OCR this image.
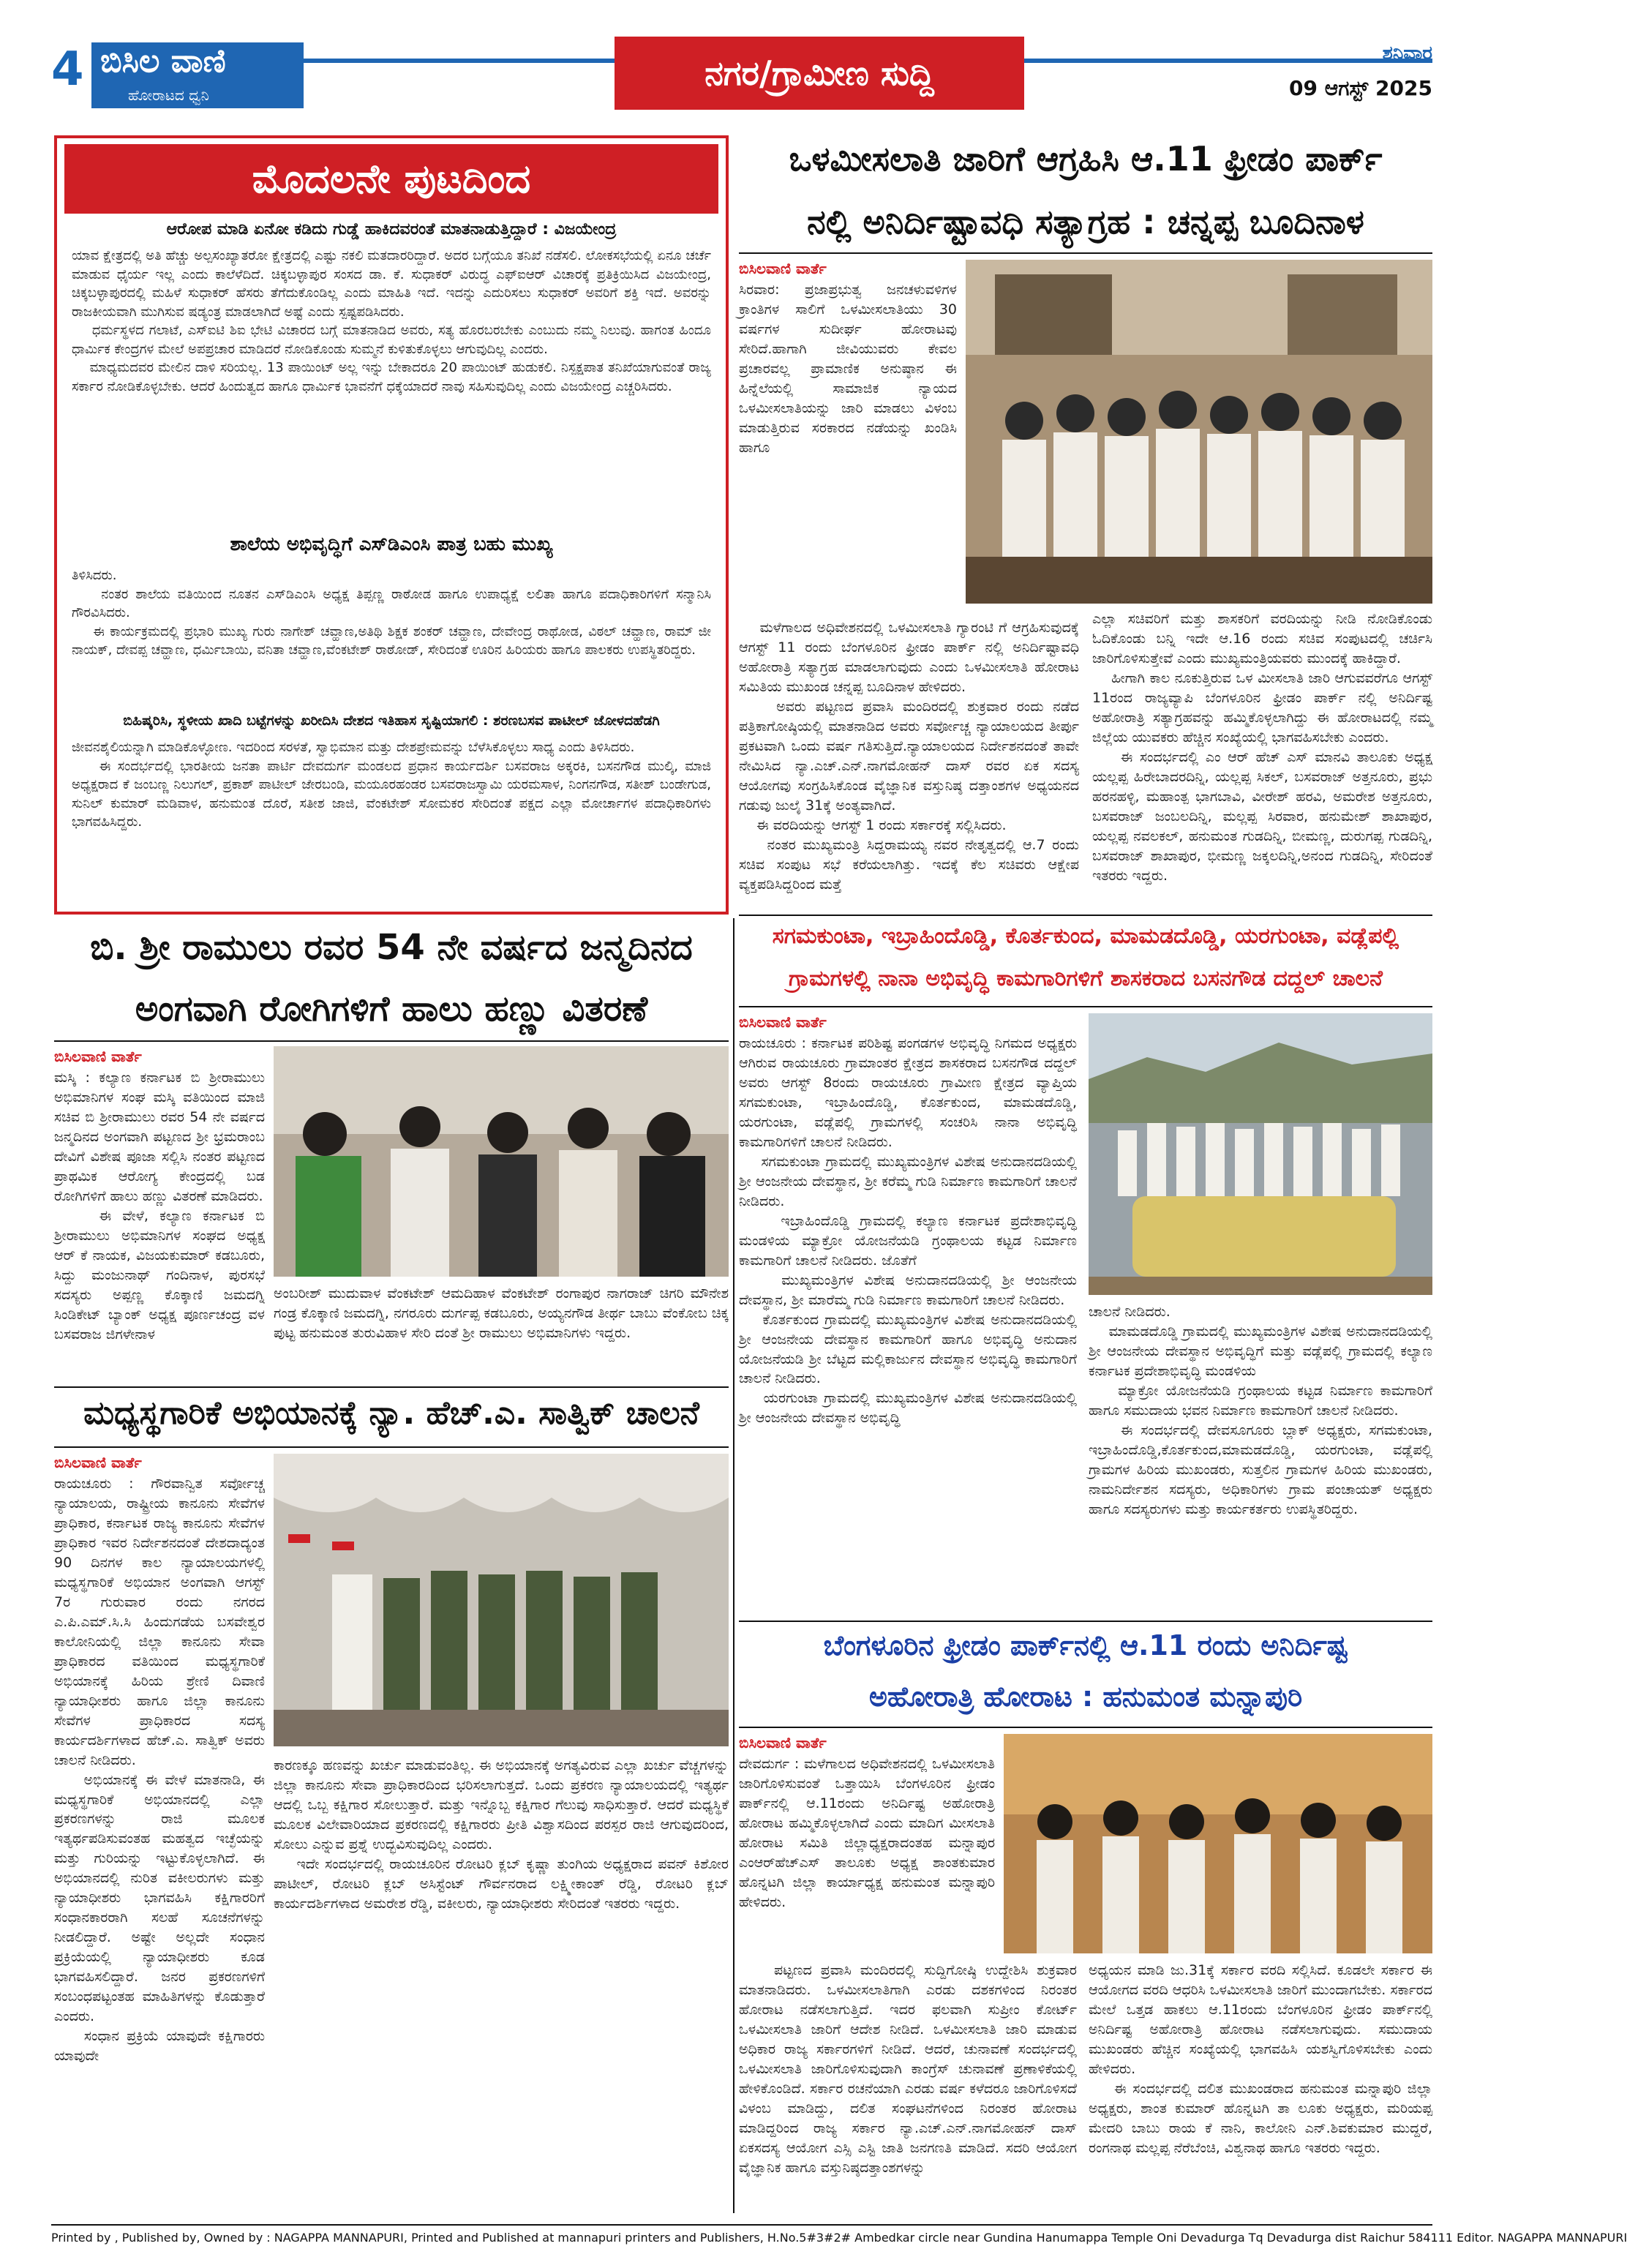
4 ಬಿಸಿಲ ವಾಣಿ
ಹೋರಾಟದ ಧ್ವನಿ
ನಗರ/ಗ್ರಾಮೀಣ ಸುದ್ದಿ	ಶನಿವಾರ
09 ಆಗಸ್ಟ್ 2025
ಮೊದಲನೇ ಪುಟದಿಂದ
ಆರೋಪ ಮಾಡಿ ಏನೋ ಕಡಿದು ಗುಡ್ಡೆ ಹಾಕಿದವರಂತೆ ಮಾತನಾಡುತ್ತಿದ್ದಾರೆ : ವಿಜಯೇಂದ್ರ
ಯಾವ ಕ್ಷೇತ್ರದಲ್ಲಿ ಅತಿ ಹೆಚ್ಚು ಅಲ್ಪಸಂಖ್ಯಾತರೋ ಕ್ಷೇತ್ರದಲ್ಲಿ ಎಷ್ಟು ನಕಲಿ ಮತದಾರರಿದ್ದಾರೆ. ಅದರ ಬಗ್ಗೆಯೂ ತನಿಖೆ ನಡೆಸಲಿ. ಲೋಕಸಭೆಯಲ್ಲಿ ಏನೂ ಚರ್ಚೆ ಮಾಡುವ ಧೈರ್ಯ ಇಲ್ಲ ಎಂದು ಕಾಲೆಳೆದಿದೆ. ಚಿಕ್ಕಬಳ್ಳಾಪುರ ಸಂಸದ ಡಾ. ಕೆ. ಸುಧಾಕರ್ ವಿರುದ್ಧ ಎಫ್‌ಐಆರ್ ವಿಚಾರಕ್ಕೆ ಪ್ರತಿಕ್ರಿಯಿಸಿದ ವಿಜಯೇಂದ್ರ, ಚಿಕ್ಕಬಳ್ಳಾಪುರದಲ್ಲಿ ಮಹಿಳೆ ಸುಧಾಕರ್ ಹೆಸರು ತೆಗೆದುಕೊಂಡಿಲ್ಲ ಎಂದು ಮಾಹಿತಿ ಇದೆ. ಇದನ್ನು ಎದುರಿಸಲು ಸುಧಾಕರ್ ಅವರಿಗೆ ಶಕ್ತಿ ಇದೆ. ಅವರನ್ನು ರಾಜಕೀಯವಾಗಿ ಮುಗಿಸುವ ಷಡ್ಯಂತ್ರ ಮಾಡಲಾಗಿದೆ ಅಷ್ಟೆ ಎಂದು ಸ್ಪಷ್ಟಪಡಿಸಿದರು.
ಧರ್ಮಸ್ಥಳದ ಗಲಾಟೆ, ಎಸ್‌ಐಟಿ ಶಿಐ ಭೇಟಿ ವಿಚಾರದ ಬಗ್ಗೆ ಮಾತನಾಡಿದ ಅವರು, ಸತ್ಯ ಹೊರಬರಬೇಕು ಎಂಬುದು ನಮ್ಮ ನಿಲುವು. ಹಾಗಂತ ಹಿಂದೂ ಧಾರ್ಮಿಕ ಕೇಂದ್ರಗಳ ಮೇಲೆ ಅಪಪ್ರಚಾರ ಮಾಡಿದರೆ ನೋಡಿಕೊಂಡು ಸುಮ್ಮನೆ ಕುಳಿತುಕೊಳ್ಳಲು ಆಗುವುದಿಲ್ಲ ಎಂದರು.
ಮಾಧ್ಯಮದವರ ಮೇಲಿನ ದಾಳಿ ಸರಿಯಲ್ಲ. 13 ಪಾಯಿಂಟ್ ಅಲ್ಲ ಇನ್ನು ಬೇಕಾದರೂ 20 ಪಾಯಿಂಟ್ ಹುಡುಕಲಿ. ನಿಸ್ಪಕ್ಷಪಾತ ತನಿಖೆಯಾಗುವಂತೆ ರಾಜ್ಯ ಸರ್ಕಾರ ನೋಡಿಕೊಳ್ಳಬೇಕು. ಆದರೆ ಹಿಂದುತ್ವದ ಹಾಗೂ ಧಾರ್ಮಿಕ ಭಾವನೆಗೆ ಧಕ್ಕೆಯಾದರೆ ನಾವು ಸಹಿಸುವುದಿಲ್ಲ ಎಂದು ವಿಜಯೇಂದ್ರ ಎಚ್ಚರಿಸಿದರು.
ಶಾಲೆಯ ಅಭಿವೃದ್ಧಿಗೆ ಎಸ್‌ಡಿಎಂಸಿ ಪಾತ್ರ ಬಹು ಮುಖ್ಯ
ತಿಳಿಸಿದರು.
ನಂತರ ಶಾಲೆಯ ವತಿಯಿಂದ ನೂತನ ಎಸ್‌ಡಿಎಂಸಿ ಅಧ್ಯಕ್ಷ ತಿಪ್ಪಣ್ಣ ರಾಠೋಡ ಹಾಗೂ ಉಪಾಧ್ಯಕ್ಷೆ ಲಲಿತಾ ಹಾಗೂ ಪದಾಧಿಕಾರಿಗಳಿಗೆ ಸನ್ಮಾನಿಸಿ ಗೌರವಿಸಿದರು.
ಈ ಕಾರ್ಯಕ್ರಮದಲ್ಲಿ ಪ್ರಭಾರಿ ಮುಖ್ಯ ಗುರು ನಾಗೇಶ್ ಚವ್ಹಾಣ,ಅತಿಥಿ ಶಿಕ್ಷಕ ಶಂಕರ್ ಚವ್ಹಾಣ, ದೇವೇಂದ್ರ ರಾಥೋಡ, ವಿಠಲ್ ಚವ್ಹಾಣ, ರಾಮ್ ಜೀ ನಾಯಕ್, ದೇವಪ್ಪ ಚವ್ಹಾಣ, ಧರ್ಮಿಬಾಯಿ, ವನಿತಾ ಚವ್ಹಾಣ,ವೆಂಕಟೇಶ್ ರಾಠೋಡ್, ಸೇರಿದಂತೆ ಊರಿನ ಹಿರಿಯರು ಹಾಗೂ ಪಾಲಕರು ಉಪಸ್ಥಿತರಿದ್ದರು.
ಬಿಹಿಷ್ಕರಿಸಿ, ಸ್ಥಳೀಯ ಖಾದಿ ಬಟ್ಟೆಗಳನ್ನು ಖರೀದಿಸಿ ದೇಶದ ಇತಿಹಾಸ ಸೃಷ್ಟಿಯಾಗಲಿ : ಶರಣಬಸವ ಪಾಟೀಲ್ ಜೋಳದಹೆಡಗಿ
ಜೀವನಶೈಲಿಯನ್ನಾಗಿ ಮಾಡಿಕೊಳ್ಳೋಣ. ಇದರಿಂದ ಸರಳತೆ, ಸ್ವಾಭಿಮಾನ ಮತ್ತು ದೇಶಪ್ರೇಮವನ್ನು ಬೆಳೆಸಿಕೊಳ್ಳಲು ಸಾಧ್ಯ ಎಂದು ತಿಳಿಸಿದರು.
ಈ ಸಂದರ್ಭದಲ್ಲಿ ಭಾರತೀಯ ಜನತಾ ಪಾರ್ಟಿ ದೇವದುರ್ಗ ಮಂಡಲದ ಪ್ರಧಾನ ಕಾರ್ಯದರ್ಶಿ ಬಸವರಾಜ ಅಕ್ಕರಕಿ, ಬಸನಗೌಡ ಮುಲ್ಕಿ, ಮಾಜಿ ಅಧ್ಯಕ್ಷರಾದ ಕೆ ಜಂಬಣ್ಣ ನಿಲುಗಲ್, ಪ್ರಕಾಶ್ ಪಾಟೀಲ್ ಜೇರಬಂಡಿ, ಮಯೂರಹಂಡರ ಬಸವರಾಜಸ್ವಾಮಿ ಯರಮಸಾಳ, ನಿಂಗನಗೌಡ, ಸತೀಶ್ ಬಂಡೇಗುಡ, ಸುನಿಲ್ ಕುಮಾರ್ ಮಡಿವಾಳ, ಹನುಮಂತ ದೊರೆ, ಸತೀಶ ಜಾಜಿ, ವೆಂಕಟೇಶ್ ಸೋಮಕರ ಸೇರಿದಂತೆ ಪಕ್ಷದ ಎಲ್ಲಾ ಮೋರ್ಚಾಗಳ ಪದಾಧಿಕಾರಿಗಳು ಭಾಗವಹಿಸಿದ್ದರು.
ಒಳಮೀಸಲಾತಿ ಜಾರಿಗೆ ಆಗ್ರಹಿಸಿ ಆ.11 ಫ್ರೀಡಂ ಪಾರ್ಕ್
ನಲ್ಲಿ ಅನಿರ್ದಿಷ್ಟಾವಧಿ ಸತ್ಯಾಗ್ರಹ : ಚನ್ನಪ್ಪ ಬೂದಿನಾಳ
ಬಿಸಿಲವಾಣಿ ವಾರ್ತೆ
ಸಿರವಾರ: ಪ್ರಜಾಪ್ರಭುತ್ವ ಜನಚಳುವಳಿಗಳ ಕ್ರಾಂತಿಗಳ ಸಾಲಿಗೆ ಒಳಮೀಸಲಾತಿಯು 30 ವರ್ಷಗಳ ಸುದೀರ್ಘ ಹೋರಾಟವು ಸೇರಿದೆ.ಹಾಗಾಗಿ ಜೀವಿಯುವರು ಕೇವಲ ಪ್ರಚಾರವಲ್ಲ ಪ್ರಾಮಾಣಿಕ ಅನುಷ್ಠಾನ ಈ ಹಿನ್ನೆಲೆಯಲ್ಲಿ ಸಾಮಾಜಿಕ ನ್ಯಾಯದ ಒಳಮೀಸಲಾತಿಯನ್ನು ಜಾರಿ ಮಾಡಲು ವಿಳಂಬ ಮಾಡುತ್ತಿರುವ ಸರಕಾರದ ನಡೆಯನ್ನು ಖಂಡಿಸಿ ಹಾಗೂ
ಮಳೆಗಾಲದ ಅಧಿವೇಶನದಲ್ಲಿ ಒಳಮೀಸಲಾತಿ ಗ್ಯಾರಂಟಿ ಗೆ ಆಗ್ರಹಿಸುವುದಕ್ಕೆ ಆಗಸ್ಟ್ 11 ರಂದು ಬೆಂಗಳೂರಿನ ಫ್ರೀಡಂ ಪಾರ್ಕ್ ನಲ್ಲಿ ಅನಿರ್ದಿಷ್ಟಾವಧಿ ಅಹೋರಾತ್ರಿ ಸತ್ಯಾಗ್ರಹ ಮಾಡಲಾಗುವುದು ಎಂದು ಒಳಮೀಸಲಾತಿ ಹೋರಾಟ ಸಮಿತಿಯ ಮುಖಂಡ ಚನ್ನಪ್ಪ ಬೂದಿನಾಳ ಹೇಳಿದರು.
ಅವರು ಪಟ್ಟಣದ ಪ್ರವಾಸಿ ಮಂದಿರದಲ್ಲಿ ಶುಕ್ರವಾರ ರಂದು ನಡೆದ ಪತ್ರಿಕಾಗೋಷ್ಠಿಯಲ್ಲಿ ಮಾತನಾಡಿದ ಅವರು ಸರ್ವೋಚ್ಚ ನ್ಯಾಯಾಲಯದ ತೀರ್ಪು ಪ್ರಕಟವಾಗಿ ಒಂದು ವರ್ಷ ಗತಿಸುತ್ತಿದೆ.ನ್ಯಾಯಾಲಯದ ನಿರ್ದೇಶನದಂತೆ ತಾವೇ ನೇಮಿಸಿದ ನ್ಯಾ.ಎಚ್.ಎನ್.ನಾಗಮೋಹನ್ ದಾಸ್ ರವರ ಏಕ ಸದಸ್ಯ ಆಯೋಗವು ಸಂಗ್ರಹಿಸಿಕೊಂಡ ವೈಜ್ಞಾನಿಕ ವಸ್ತುನಿಷ್ಠ ದತ್ತಾಂಶಗಳ ಅಧ್ಯಯನದ ಗಡುವು ಜುಲೈ 31ಕ್ಕೆ ಅಂತ್ಯವಾಗಿದೆ.
ಈ ವರದಿಯನ್ನು ಆಗಸ್ಟ್ 1 ರಂದು ಸರ್ಕಾರಕ್ಕೆ ಸಲ್ಲಿಸಿದರು.
ನಂತರ ಮುಖ್ಯಮಂತ್ರಿ ಸಿದ್ದರಾಮಯ್ಯ ನವರ ನೇತೃತ್ವದಲ್ಲಿ ಆ.7 ರಂದು ಸಚಿವ ಸಂಪುಟ ಸಭೆ ಕರೆಯಲಾಗಿತ್ತು. ಇದಕ್ಕೆ ಕೆಲ ಸಚಿವರು ಆಕ್ಷೇಪ ವ್ಯಕ್ತಪಡಿಸಿದ್ದರಿಂದ ಮತ್ತೆ
ಎಲ್ಲಾ ಸಚಿವರಿಗೆ ಮತ್ತು ಶಾಸಕರಿಗೆ ವರದಿಯನ್ನು ನೀಡಿ ನೋಡಿಕೊಂಡು ಓದಿಕೊಂಡು ಬನ್ನಿ ಇದೇ ಆ.16 ರಂದು ಸಚಿವ ಸಂಪುಟದಲ್ಲಿ ಚರ್ಚಿಸಿ ಜಾರಿಗೊಳಿಸುತ್ತೇವೆ ಎಂದು ಮುಖ್ಯಮಂತ್ರಿಯವರು ಮುಂದಕ್ಕೆ ಹಾಕಿದ್ದಾರೆ.
ಹೀಗಾಗಿ ಕಾಲ ನೂಕುತ್ತಿರುವ ಒಳ ಮೀಸಲಾತಿ ಜಾರಿ ಆಗುವವರೆಗೂ ಆಗಸ್ಟ್ 11ರಂದ ರಾಜ್ಯವ್ಯಾಪಿ ಬೆಂಗಳೂರಿನ ಫ್ರೀಡಂ ಪಾರ್ಕ್ ನಲ್ಲಿ ಅನಿರ್ದಿಷ್ಟ ಅಹೋರಾತ್ರಿ ಸತ್ಯಾಗ್ರಹವನ್ನು ಹಮ್ಮಿಕೊಳ್ಳಲಾಗಿದ್ದು ಈ ಹೋರಾಟದಲ್ಲಿ ನಮ್ಮ ಜಿಲ್ಲೆಯ ಯುವಕರು ಹೆಚ್ಚಿನ ಸಂಖ್ಯೆಯಲ್ಲಿ ಭಾಗವಹಿಸಬೇಕು ಎಂದರು.
ಈ ಸಂದರ್ಭದಲ್ಲಿ ಎಂ ಆರ್ ಹೆಚ್ ಎಸ್ ಮಾನವಿ ತಾಲೂಕು ಅಧ್ಯಕ್ಷ ಯಲ್ಲಪ್ಪ ಹಿರೇಬಾದರದಿನ್ನಿ, ಯಲ್ಲಪ್ಪ ಸಿಕಲ್, ಬಸವರಾಜ್ ಅತ್ತನೂರು, ಪ್ರಭು ಹರನಹಳ್ಳಿ, ಮಹಾಂತ್ಪ ಭಾಗಬಾವಿ, ವೀರೇಶ್ ಹರವಿ, ಅಮರೇಶ ಅತ್ತನೂರು, ಬಸವರಾಜ್ ಜಂಬಲದಿನ್ನಿ, ಮಲ್ಲಪ್ಪ ಸಿರವಾರ, ಹನುಮೇಶ್ ಶಾಖಾಪುರ, ಯಲ್ಲಪ್ಪ ನವಲಕಲ್, ಹನುಮಂತ ಗುಡದಿನ್ನಿ, ಬೀಮಣ್ಣ, ದುರುಗಪ್ಪ ಗುಡದಿನ್ನಿ, ಬಸವರಾಜ್ ಶಾಖಾಪುರ, ಭೀಮಣ್ಣ ಜಕ್ಕಲದಿನ್ನಿ,ಅನಂದ ಗುಡದಿನ್ನಿ, ಸೇರಿದಂತೆ ಇತರರು ಇದ್ದರು.
ಬಿ. ಶ್ರೀ ರಾಮುಲು ರವರ 54 ನೇ ವರ್ಷದ ಜನ್ಮದಿನದ
ಅಂಗವಾಗಿ ರೋಗಿಗಳಿಗೆ ಹಾಲು ಹಣ್ಣು ವಿತರಣೆ
ಬಿಸಿಲವಾಣಿ ವಾರ್ತೆ
ಮಸ್ಕಿ : ಕಲ್ಯಾಣ ಕರ್ನಾಟಕ ಬಿ ಶ್ರೀರಾಮುಲು ಅಭಿಮಾನಿಗಳ ಸಂಘ ಮಸ್ಕಿ ವತಿಯಿಂದ ಮಾಜಿ ಸಚಿವ ಬಿ ಶ್ರೀರಾಮುಲು ರವರ 54 ನೇ ವರ್ಷದ ಜನ್ಮದಿನದ ಅಂಗವಾಗಿ ಪಟ್ಟಣದ ಶ್ರೀ ಭ್ರಮರಾಂಬ ದೇವಿಗೆ ವಿಶೇಷ ಪೂಜಾ ಸಲ್ಲಿಸಿ ನಂತರ ಪಟ್ಟಣದ ಪ್ರಾಥಮಿಕ ಆರೋಗ್ಯ ಕೇಂದ್ರದಲ್ಲಿ ಬಡ ರೋಗಿಗಳಿಗೆ ಹಾಲು ಹಣ್ಣು ವಿತರಣೆ ಮಾಡಿದರು.
ಈ ವೇಳೆ, ಕಲ್ಯಾಣ ಕರ್ನಾಟಕ ಬಿ ಶ್ರೀರಾಮುಲು ಅಭಿಮಾನಿಗಳ ಸಂಘದ ಅಧ್ಯಕ್ಷ ಆರ್ ಕೆ ನಾಯಕ, ವಿಜಯಕುಮಾರ್ ಕಡಬೂರು, ಸಿದ್ದು ಮಂಜುನಾಥ್ ಗಂದಿನಾಳ, ಪುರಸಭೆ ಸದಸ್ಯರು ಅಪ್ಪಣ್ಣ ಕೊಕ್ಕಾಣಿ ಜಮದಗ್ನಿ ಸಿಂಡಿಕೇಟ್ ಬ್ಯಾಂಕ್ ಅಧ್ಯಕ್ಷ ಪೂರ್ಣಚಂದ್ರ ವಳ ಬಸವರಾಜ ಜಿಗಳೇನಾಳ
ಅಂಬರೀಶ್ ಮುದುವಾಳ ವೆಂಕಟೇಶ್ ಆಮದಿಹಾಳ ವೆಂಕಟೇಶ್ ರಂಗಾಪುರ ನಾಗರಾಜ್ ಚಿಗರಿ ಮೌನೇಶ ಗಂಡ್ರ ಕೊಕ್ಕಾಣಿ ಜಮದಗ್ನಿ, ನಗರೂರು ದುರ್ಗಪ್ಪ ಕಡಬೂರು, ಅಯ್ಯನಗೌಡ ತೀರ್ಥ ಬಾಬು ವೆಂಕೋಬ ಚಿಕ್ಕ ಪುಟ್ಟ ಹನುಮಂತ ತುರುವಿಹಾಳ ಸೇರಿ ದಂತೆ ಶ್ರೀ ರಾಮುಲು ಅಭಿಮಾನಿಗಳು ಇದ್ದರು.
ಮಧ್ಯಸ್ಥಗಾರಿಕೆ ಅಭಿಯಾನಕ್ಕೆ ನ್ಯಾ. ಹೆಚ್.ಎ. ಸಾತ್ವಿಕ್ ಚಾಲನೆ
ಬಿಸಿಲವಾಣಿ ವಾರ್ತೆ
ರಾಯಚೂರು : ಗೌರವಾನ್ವಿತ ಸರ್ವೋಚ್ಚ ನ್ಯಾಯಾಲಯ, ರಾಷ್ಟ್ರೀಯ ಕಾನೂನು ಸೇವೆಗಳ ಪ್ರಾಧಿಕಾರ, ಕರ್ನಾಟಕ ರಾಜ್ಯ ಕಾನೂನು ಸೇವೆಗಳ ಪ್ರಾಧಿಕಾರ ಇವರ ನಿರ್ದೇಶನದಂತೆ ದೇಶದಾದ್ಯಂತ 90 ದಿನಗಳ ಕಾಲ ನ್ಯಾಯಾಲಯಗಳಲ್ಲಿ ಮಧ್ಯಸ್ಥಗಾರಿಕೆ ಅಭಿಯಾನ ಅಂಗವಾಗಿ ಆಗಸ್ಟ್ 7ರ ಗುರುವಾರ ರಂದು ನಗರದ ಎ.ಪಿ.ಎಮ್.ಸಿ.ಸಿ ಹಿಂದುಗಡೆಯ ಬಸವೇಶ್ವರ ಕಾಲೋನಿಯಲ್ಲಿ ಜಿಲ್ಲಾ ಕಾನೂನು ಸೇವಾ ಪ್ರಾಧಿಕಾರದ ವತಿಯಿಂದ ಮಧ್ಯಸ್ಥಗಾರಿಕೆ ಅಭಿಯಾನಕ್ಕೆ ಹಿರಿಯ ಶ್ರೇಣಿ ದಿವಾಣಿ ನ್ಯಾಯಾಧೀಶರು ಹಾಗೂ ಜಿಲ್ಲಾ ಕಾನೂನು ಸೇವೆಗಳ ಪ್ರಾಧಿಕಾರದ ಸದಸ್ಯ ಕಾರ್ಯದರ್ಶಿಗಳಾದ ಹೆಚ್.ಎ. ಸಾತ್ವಿಕ್ ಅವರು ಚಾಲನೆ ನೀಡಿದರು.
ಅಭಿಯಾನಕ್ಕೆ ಈ ವೇಳೆ ಮಾತನಾಡಿ, ಈ ಮಧ್ಯಸ್ಥಗಾರಿಕೆ ಅಭಿಯಾನದಲ್ಲಿ ಎಲ್ಲಾ ಪ್ರಕರಣಗಳನ್ನು ರಾಜಿ ಮೂಲಕ ಇತ್ಯರ್ಥಪಡಿಸುವಂತಹ ಮಹತ್ವದ ಇಚ್ಛೆಯನ್ನು ಮತ್ತು ಗುರಿಯನ್ನು ಇಟ್ಟುಕೊಳ್ಳಲಾಗಿದೆ. ಈ ಅಭಿಯಾನದಲ್ಲಿ ನುರಿತ ವಕೀಲರುಗಳು ಮತ್ತು ನ್ಯಾಯಾಧೀಶರು ಭಾಗವಹಿಸಿ ಕಕ್ಷಿಗಾರರಿಗೆ ಸಂಧಾನಕಾರರಾಗಿ ಸಲಹೆ ಸೂಚನೆಗಳನ್ನು ನೀಡಲಿದ್ದಾರೆ. ಅಷ್ಟೇ ಅಲ್ಲದೇ ಸಂಧಾನ ಪ್ರಕ್ರಿಯೆಯಲ್ಲಿ ನ್ಯಾಯಾಧೀಶರು ಕೂಡ ಭಾಗವಹಿಸಲಿದ್ದಾರೆ. ಜನರ ಪ್ರಕರಣಗಳಿಗೆ ಸಂಬಂಧಪಟ್ಟಂತಹ ಮಾಹಿತಿಗಳನ್ನು ಕೊಡುತ್ತಾರೆ ಎಂದರು.
ಸಂಧಾನ ಪ್ರಕ್ರಿಯೆ ಯಾವುದೇ ಕಕ್ಷಿಗಾರರು ಯಾವುದೇ
ಕಾರಣಕ್ಕೂ ಹಣವನ್ನು ಖರ್ಚು ಮಾಡುವಂತಿಲ್ಲ. ಈ ಅಭಿಯಾನಕ್ಕೆ ಅಗತ್ಯವಿರುವ ಎಲ್ಲಾ ಖರ್ಚು ವೆಚ್ಚಗಳನ್ನು ಜಿಲ್ಲಾ ಕಾನೂನು ಸೇವಾ ಪ್ರಾಧಿಕಾರದಿಂದ ಭರಿಸಲಾಗುತ್ತದೆ. ಒಂದು ಪ್ರಕರಣ ನ್ಯಾಯಾಲಯದಲ್ಲಿ ಇತ್ಯರ್ಥ ಆದಲ್ಲಿ ಒಬ್ಬ ಕಕ್ಷಿಗಾರ ಸೋಲುತ್ತಾರೆ. ಮತ್ತು ಇನ್ನೊಬ್ಬ ಕಕ್ಷಿಗಾರ ಗೆಲುವು ಸಾಧಿಸುತ್ತಾರೆ. ಆದರೆ ಮಧ್ಯಸ್ಥಿಕೆ ಮೂಲಕ ವಿಲೇವಾರಿಯಾದ ಪ್ರಕರಣದಲ್ಲಿ ಕಕ್ಷಿಗಾರರು ಪ್ರೀತಿ ವಿಶ್ವಾಸದಿಂದ ಪರಸ್ಪರ ರಾಜಿ ಆಗುವುದರಿಂದ, ಸೋಲು ಎನ್ನುವ ಪ್ರಶ್ನೆ ಉದ್ಭವಿಸುವುದಿಲ್ಲ ಎಂದರು.
ಇದೇ ಸಂದರ್ಭದಲ್ಲಿ ರಾಯಚೂರಿನ ರೋಟರಿ ಕ್ಲಬ್ ಕೃಷ್ಣಾ ತುಂಗಿಯ ಅಧ್ಯಕ್ಷರಾದ ಪವನ್ ಕಿಶೋರ ಪಾಟೀಲ್, ರೋಟರಿ ಕ್ಲಬ್ ಅಸಿಸ್ಟೆಂಟ್ ಗೌರ್ವನರಾದ ಲಕ್ಷ್ಮೀಕಾಂತ್ ರೆಡ್ಡಿ, ರೋಟರಿ ಕ್ಲಬ್ ಕಾರ್ಯದರ್ಶಿಗಳಾದ ಅಮರೇಶ ರೆಡ್ಡಿ, ವಕೀಲರು, ನ್ಯಾಯಾಧೀಶರು ಸೇರಿದಂತೆ ಇತರರು ಇದ್ದರು.
ಸಗಮಕುಂಟಾ, ಇಬ್ರಾಹಿಂದೊಡ್ಡಿ, ಕೊರ್ತಕುಂದ, ಮಾಮಡದೊಡ್ಡಿ, ಯರಗುಂಟಾ, ವಡ್ಲೆಪಲ್ಲಿ
ಗ್ರಾಮಗಳಲ್ಲಿ ನಾನಾ ಅಭಿವೃದ್ಧಿ ಕಾಮಗಾರಿಗಳಿಗೆ ಶಾಸಕರಾದ ಬಸನಗೌಡ ದದ್ದಲ್ ಚಾಲನೆ
ಬಿಸಿಲವಾಣಿ ವಾರ್ತೆ
ರಾಯಚೂರು : ಕರ್ನಾಟಕ ಪರಿಶಿಷ್ಟ ಪಂಗಡಗಳ ಅಭಿವೃದ್ಧಿ ನಿಗಮದ ಅಧ್ಯಕ್ಷರು ಆಗಿರುವ ರಾಯಚೂರು ಗ್ರಾಮಾಂತರ ಕ್ಷೇತ್ರದ ಶಾಸಕರಾದ ಬಸನಗೌಡ ದದ್ದಲ್ ಅವರು ಆಗಸ್ಟ್ 8ರಂದು ರಾಯಚೂರು ಗ್ರಾಮೀಣ ಕ್ಷೇತ್ರದ ವ್ಯಾಪ್ತಿಯ ಸಗಮಕುಂಟಾ, ಇಬ್ರಾಹಿಂದೊಡ್ಡಿ, ಕೊರ್ತಕುಂದ, ಮಾಮಡದೊಡ್ಡಿ, ಯರಗುಂಟಾ, ವಡ್ಲೆಪಲ್ಲಿ ಗ್ರಾಮಗಳಲ್ಲಿ ಸಂಚರಿಸಿ ನಾನಾ ಅಭಿವೃದ್ಧಿ ಕಾಮಗಾರಿಗಳಿಗೆ ಚಾಲನೆ ನೀಡಿದರು.
ಸಗಮಕುಂಟಾ ಗ್ರಾಮದಲ್ಲಿ ಮುಖ್ಯಮಂತ್ರಿಗಳ ವಿಶೇಷ ಅನುದಾನದಡಿಯಲ್ಲಿ ಶ್ರೀ ಆಂಜನೇಯ ದೇವಸ್ಥಾನ, ಶ್ರೀ ಕರೆಮ್ಮ ಗುಡಿ ನಿರ್ಮಾಣ ಕಾಮಗಾರಿಗೆ ಚಾಲನೆ ನೀಡಿದರು.
ಇಬ್ರಾಹಿಂದೊಡ್ಡಿ ಗ್ರಾಮದಲ್ಲಿ ಕಲ್ಯಾಣ ಕರ್ನಾಟಕ ಪ್ರದೇಶಾಭಿವೃದ್ಧಿ ಮಂಡಳಿಯ ಮ್ಯಾಕ್ರೋ ಯೋಜನೆಯಡಿ ಗ್ರಂಥಾಲಯ ಕಟ್ಟಡ ನಿರ್ಮಾಣ ಕಾಮಗಾರಿಗೆ ಚಾಲನೆ ನೀಡಿದರು. ಜೊತೆಗೆ
ಮುಖ್ಯಮಂತ್ರಿಗಳ ವಿಶೇಷ ಅನುದಾನದಡಿಯಲ್ಲಿ ಶ್ರೀ ಆಂಜನೇಯ ದೇವಸ್ಥಾನ, ಶ್ರೀ ಮಾರೆಮ್ಮ ಗುಡಿ ನಿರ್ಮಾಣ ಕಾಮಗಾರಿಗೆ ಚಾಲನೆ ನೀಡಿದರು.
ಕೊರ್ತಕುಂದ ಗ್ರಾಮದಲ್ಲಿ ಮುಖ್ಯಮಂತ್ರಿಗಳ ವಿಶೇಷ ಅನುದಾನದಡಿಯಲ್ಲಿ ಶ್ರೀ ಆಂಜನೇಯ ದೇವಸ್ಥಾನ ಕಾಮಗಾರಿಗೆ ಹಾಗೂ ಅಭಿವೃದ್ಧಿ ಅನುದಾನ ಯೋಜನೆಯಡಿ ಶ್ರೀ ಬೆಟ್ಟದ ಮಲ್ಲಿಕಾರ್ಜುನ ದೇವಸ್ಥಾನ ಅಭಿವೃದ್ಧಿ ಕಾಮಗಾರಿಗೆ ಚಾಲನೆ ನೀಡಿದರು.
ಯರಗುಂಟಾ ಗ್ರಾಮದಲ್ಲಿ ಮುಖ್ಯಮಂತ್ರಿಗಳ ವಿಶೇಷ ಅನುದಾನದಡಿಯಲ್ಲಿ ಶ್ರೀ ಆಂಜನೇಯ ದೇವಸ್ಥಾನ ಅಭಿವೃದ್ಧಿ
ಚಾಲನೆ ನೀಡಿದರು.
ಮಾಮಡದೊಡ್ಡಿ ಗ್ರಾಮದಲ್ಲಿ ಮುಖ್ಯಮಂತ್ರಿಗಳ ವಿಶೇಷ ಅನುದಾನದಡಿಯಲ್ಲಿ ಶ್ರೀ ಆಂಜನೇಯ ದೇವಸ್ಥಾನ ಅಭಿವೃದ್ಧಿಗೆ ಮತ್ತು ವಡ್ಲೆಪಲ್ಲಿ ಗ್ರಾಮದಲ್ಲಿ ಕಲ್ಯಾಣ ಕರ್ನಾಟಕ ಪ್ರದೇಶಾಭಿವೃದ್ಧಿ ಮಂಡಳಿಯ
ಮ್ಯಾಕ್ರೋ ಯೋಜನೆಯಡಿ ಗ್ರಂಥಾಲಯ ಕಟ್ಟಡ ನಿರ್ಮಾಣ ಕಾಮಗಾರಿಗೆ ಹಾಗೂ ಸಮುದಾಯ ಭವನ ನಿರ್ಮಾಣ ಕಾಮಗಾರಿಗೆ ಚಾಲನೆ ನೀಡಿದರು.
ಈ ಸಂದರ್ಭದಲ್ಲಿ ದೇವಸೂಗೂರು ಬ್ಲಾಕ್ ಅಧ್ಯಕ್ಷರು, ಸಗಮಕುಂಟಾ, ಇಬ್ರಾಹಿಂದೊಡ್ಡಿ,ಕೊರ್ತಕುಂದ,ಮಾಮಡದೊಡ್ಡಿ, ಯರಗುಂಟಾ, ವಡ್ಲೆಪಲ್ಲಿ ಗ್ರಾಮಗಳ ಹಿರಿಯ ಮುಖಂಡರು, ಸುತ್ತಲಿನ ಗ್ರಾಮಗಳ ಹಿರಿಯ ಮುಖಂಡರು, ನಾಮನಿರ್ದೇಶನ ಸದಸ್ಯರು, ಅಧಿಕಾರಿಗಳು ಗ್ರಾಮ ಪಂಚಾಯತ್ ಅಧ್ಯಕ್ಷರು ಹಾಗೂ ಸದಸ್ಯರುಗಳು ಮತ್ತು ಕಾರ್ಯಕರ್ತರು ಉಪಸ್ಥಿತರಿದ್ದರು.
ಬೆಂಗಳೂರಿನ ಫ್ರೀಡಂ ಪಾರ್ಕ್‌ನಲ್ಲಿ ಆ.11 ರಂದು ಅನಿರ್ದಿಷ್ಟ
ಅಹೋರಾತ್ರಿ ಹೋರಾಟ : ಹನುಮಂತ ಮನ್ನಾಪುರಿ
ಬಿಸಿಲವಾಣಿ ವಾರ್ತೆ
ದೇವದುರ್ಗ : ಮಳೆಗಾಲದ ಅಧಿವೇಶನದಲ್ಲಿ ಒಳಮೀಸಲಾತಿ ಜಾರಿಗೊಳಿಸುವಂತೆ ಒತ್ತಾಯಿಸಿ ಬೆಂಗಳೂರಿನ ಫ್ರೀಡಂ ಪಾರ್ಕ್‌ನಲ್ಲಿ ಆ.11ರಂದು ಅನಿರ್ದಿಷ್ಟ ಅಹೋರಾತ್ರಿ ಹೋರಾಟ ಹಮ್ಮಿಕೊಳ್ಳಲಾಗಿದೆ ಎಂದು ಮಾದಿಗ ಮೀಸಲಾತಿ ಹೋರಾಟ ಸಮಿತಿ ಜಿಲ್ಲಾಧ್ಯಕ್ಷರಾದಂತಹ ಮನ್ನಾಪುರ ಎಂಆರ್‌ಹೆಚ್‌ಎಸ್ ತಾಲೂಕು ಅಧ್ಯಕ್ಷ ಶಾಂತಕುಮಾರ ಹೊನ್ನಟಗಿ ಜಿಲ್ಲಾ ಕಾರ್ಯಾಧ್ಯಕ್ಷ ಹನುಮಂತ ಮನ್ನಾಪುರಿ ಹೇಳಿದರು.
ಪಟ್ಟಣದ ಪ್ರವಾಸಿ ಮಂದಿರದಲ್ಲಿ ಸುದ್ದಿಗೋಷ್ಠಿ ಉದ್ದೇಶಿಸಿ ಶುಕ್ರವಾರ ಮಾತನಾಡಿದರು. ಒಳಮೀಸಲಾತಿಗಾಗಿ ಎರಡು ದಶಕಗಳಿಂದ ನಿರಂತರ ಹೋರಾಟ ನಡೆಸಲಾಗುತ್ತಿದೆ. ಇದರ ಫಲವಾಗಿ ಸುಪ್ರೀಂ ಕೋರ್ಟ್ ಒಳಮೀಸಲಾತಿ ಜಾರಿಗೆ ಆದೇಶ ನೀಡಿದೆ. ಒಳಮೀಸಲಾತಿ ಜಾರಿ ಮಾಡುವ ಅಧಿಕಾರ ರಾಜ್ಯ ಸರ್ಕಾರಗಳಿಗೆ ನೀಡಿದೆ. ಆದರೆ, ಚುನಾವಣೆ ಸಂದರ್ಭದಲ್ಲಿ ಒಳಮೀಸಲಾತಿ ಜಾರಿಗೊಳಿಸುವುದಾಗಿ ಕಾಂಗ್ರೆಸ್ ಚುನಾವಣೆ ಪ್ರಣಾಳಿಕೆಯಲ್ಲಿ ಹೇಳಿಕೊಂಡಿದೆ. ಸರ್ಕಾರ ರಚನೆಯಾಗಿ ಎರಡು ವರ್ಷ ಕಳೆದರೂ ಜಾರಿಗೊಳಿಸದೆ ವಿಳಂಬ ಮಾಡಿದ್ದು, ದಲಿತ ಸಂಘಟನೆಗಳಿಂದ ನಿರಂತರ ಹೋರಾಟ ಮಾಡಿದ್ದರಿಂದ ರಾಜ್ಯ ಸರ್ಕಾರ ನ್ಯಾ.ಎಚ್.ಎನ್.ನಾಗಮೋಹನ್ ದಾಸ್ ಏಕಸದಸ್ಯ ಆಯೋಗ ಎಸ್ಸಿ ಎಸ್ಟಿ ಜಾತಿ ಜನಗಣತಿ ಮಾಡಿದೆ. ಸದರಿ ಆಯೋಗ ವೈಜ್ಞಾನಿಕ ಹಾಗೂ ವಸ್ತುನಿಷ್ಠದತ್ತಾಂಶಗಳನ್ನು
ಅಧ್ಯಯನ ಮಾಡಿ ಜು.31ಕ್ಕೆ ಸರ್ಕಾರ ವರದಿ ಸಲ್ಲಿಸಿದೆ. ಕೂಡಲೇ ಸರ್ಕಾರ ಈ ಆಯೋಗದ ವರದಿ ಆಧರಿಸಿ ಒಳಮೀಸಲಾತಿ ಜಾರಿಗೆ ಮುಂದಾಗಬೇಕು. ಸರ್ಕಾರದ ಮೇಲೆ ಒತ್ತಡ ಹಾಕಲು ಆ.11ರಂದು ಬೆಂಗಳೂರಿನ ಫ್ರೀಡಂ ಪಾರ್ಕ್‌ನಲ್ಲಿ ಅನಿರ್ದಿಷ್ಟ ಅಹೋರಾತ್ರಿ ಹೋರಾಟ ನಡೆಸಲಾಗುವುದು. ಸಮುದಾಯ ಮುಖಂಡರು ಹೆಚ್ಚಿನ ಸಂಖ್ಯೆಯಲ್ಲಿ ಭಾಗವಹಿಸಿ ಯಶಸ್ವಿಗೊಳಿಸಬೇಕು ಎಂದು ಹೇಳಿದರು.
ಈ ಸಂದರ್ಭದಲ್ಲಿ ದಲಿತ ಮುಖಂಡರಾದ ಹನುಮಂತ ಮನ್ನಾಪುರಿ ಜಿಲ್ಲಾ ಅಧ್ಯಕ್ಷರು, ಶಾಂತ ಕುಮಾರ್ ಹೊನ್ನಟಗಿ ತಾ ಲೂಕು ಅಧ್ಯಕ್ಷರು, ಮರಿಯಪ್ಪ ಮೇದರಿ ಬಾಬು ರಾಯ ಕೆ ನಾನಿ, ಕಾಲೋನಿ ಎನ್.ಶಿವಕುಮಾರ ಮುದ್ದರೆ, ರಂಗನಾಥ ಮಲ್ಲಪ್ಪ ನೆರೆಬೆಂಚಿ, ವಿಶ್ವನಾಥ ಹಾಗೂ ಇತರರು ಇದ್ದರು.
Printed by , Published by, Owned by : NAGAPPA MANNAPURI, Printed and Published at mannapuri printers and Publishers, H.No.5#3#2# Ambedkar circle near Gundina Hanumappa Temple Oni Devadurga Tq Devadurga dist Raichur 584111 Editor. NAGAPPA MANNAPURI
